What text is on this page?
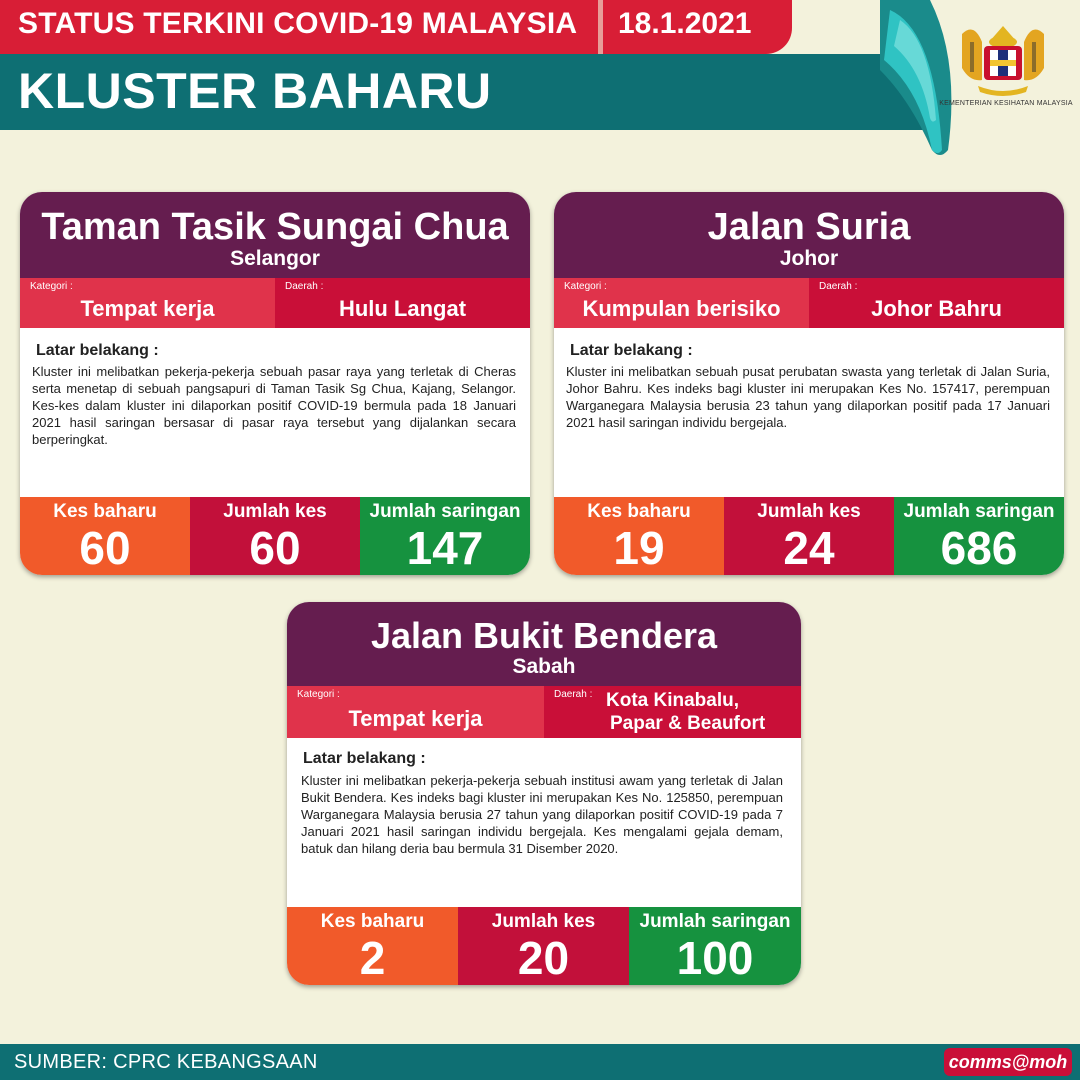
STATUS TERKINI COVID-19 MALAYSIA 18.1.2021
KLUSTER BAHARU	KEMENTERIAN KESIHATAN MALAYSIA
Taman Tasik Sungai Chua
Selangor
Kategori :
Tempat kerja
Daerah :
Hulu Langat
Latar belakang :
Kluster ini melibatkan pekerja-pekerja sebuah pasar raya yang terletak di Cheras serta menetap di sebuah pangsapuri di Taman Tasik Sg Chua, Kajang, Selangor. Kes-kes dalam kluster ini dilaporkan positif COVID-19 bermula pada 18 Januari 2021 hasil saringan bersasar di pasar raya tersebut yang dijalankan secara berperingkat.
Kes baharu
60
Jumlah kes
60
Jumlah saringan
147
Jalan Suria
Johor
Kategori :
Kumpulan berisiko
Daerah :
Johor Bahru
Latar belakang :
Kluster ini melibatkan sebuah pusat perubatan swasta yang terletak di Jalan Suria, Johor Bahru. Kes indeks bagi kluster ini merupakan Kes No. 157417, perempuan Warganegara Malaysia berusia 23 tahun yang dilaporkan positif pada 17 Januari 2021 hasil saringan individu bergejala.
Kes baharu
19
Jumlah kes
24
Jumlah saringan
686
Jalan Bukit Bendera
Sabah
Kategori :
Tempat kerja
Daerah : Kota Kinabalu,
Papar & Beaufort
Latar belakang :
Kluster ini melibatkan pekerja-pekerja sebuah institusi awam yang terletak di Jalan Bukit Bendera. Kes indeks bagi kluster ini merupakan Kes No. 125850, perempuan Warganegara Malaysia berusia 27 tahun yang dilaporkan positif COVID-19 pada 7 Januari 2021 hasil saringan individu bergejala. Kes mengalami gejala demam, batuk dan hilang deria bau bermula 31 Disember 2020.
Kes baharu
2
Jumlah kes
20
Jumlah saringan
100
SUMBER: CPRC KEBANGSAAN	comms@moh
